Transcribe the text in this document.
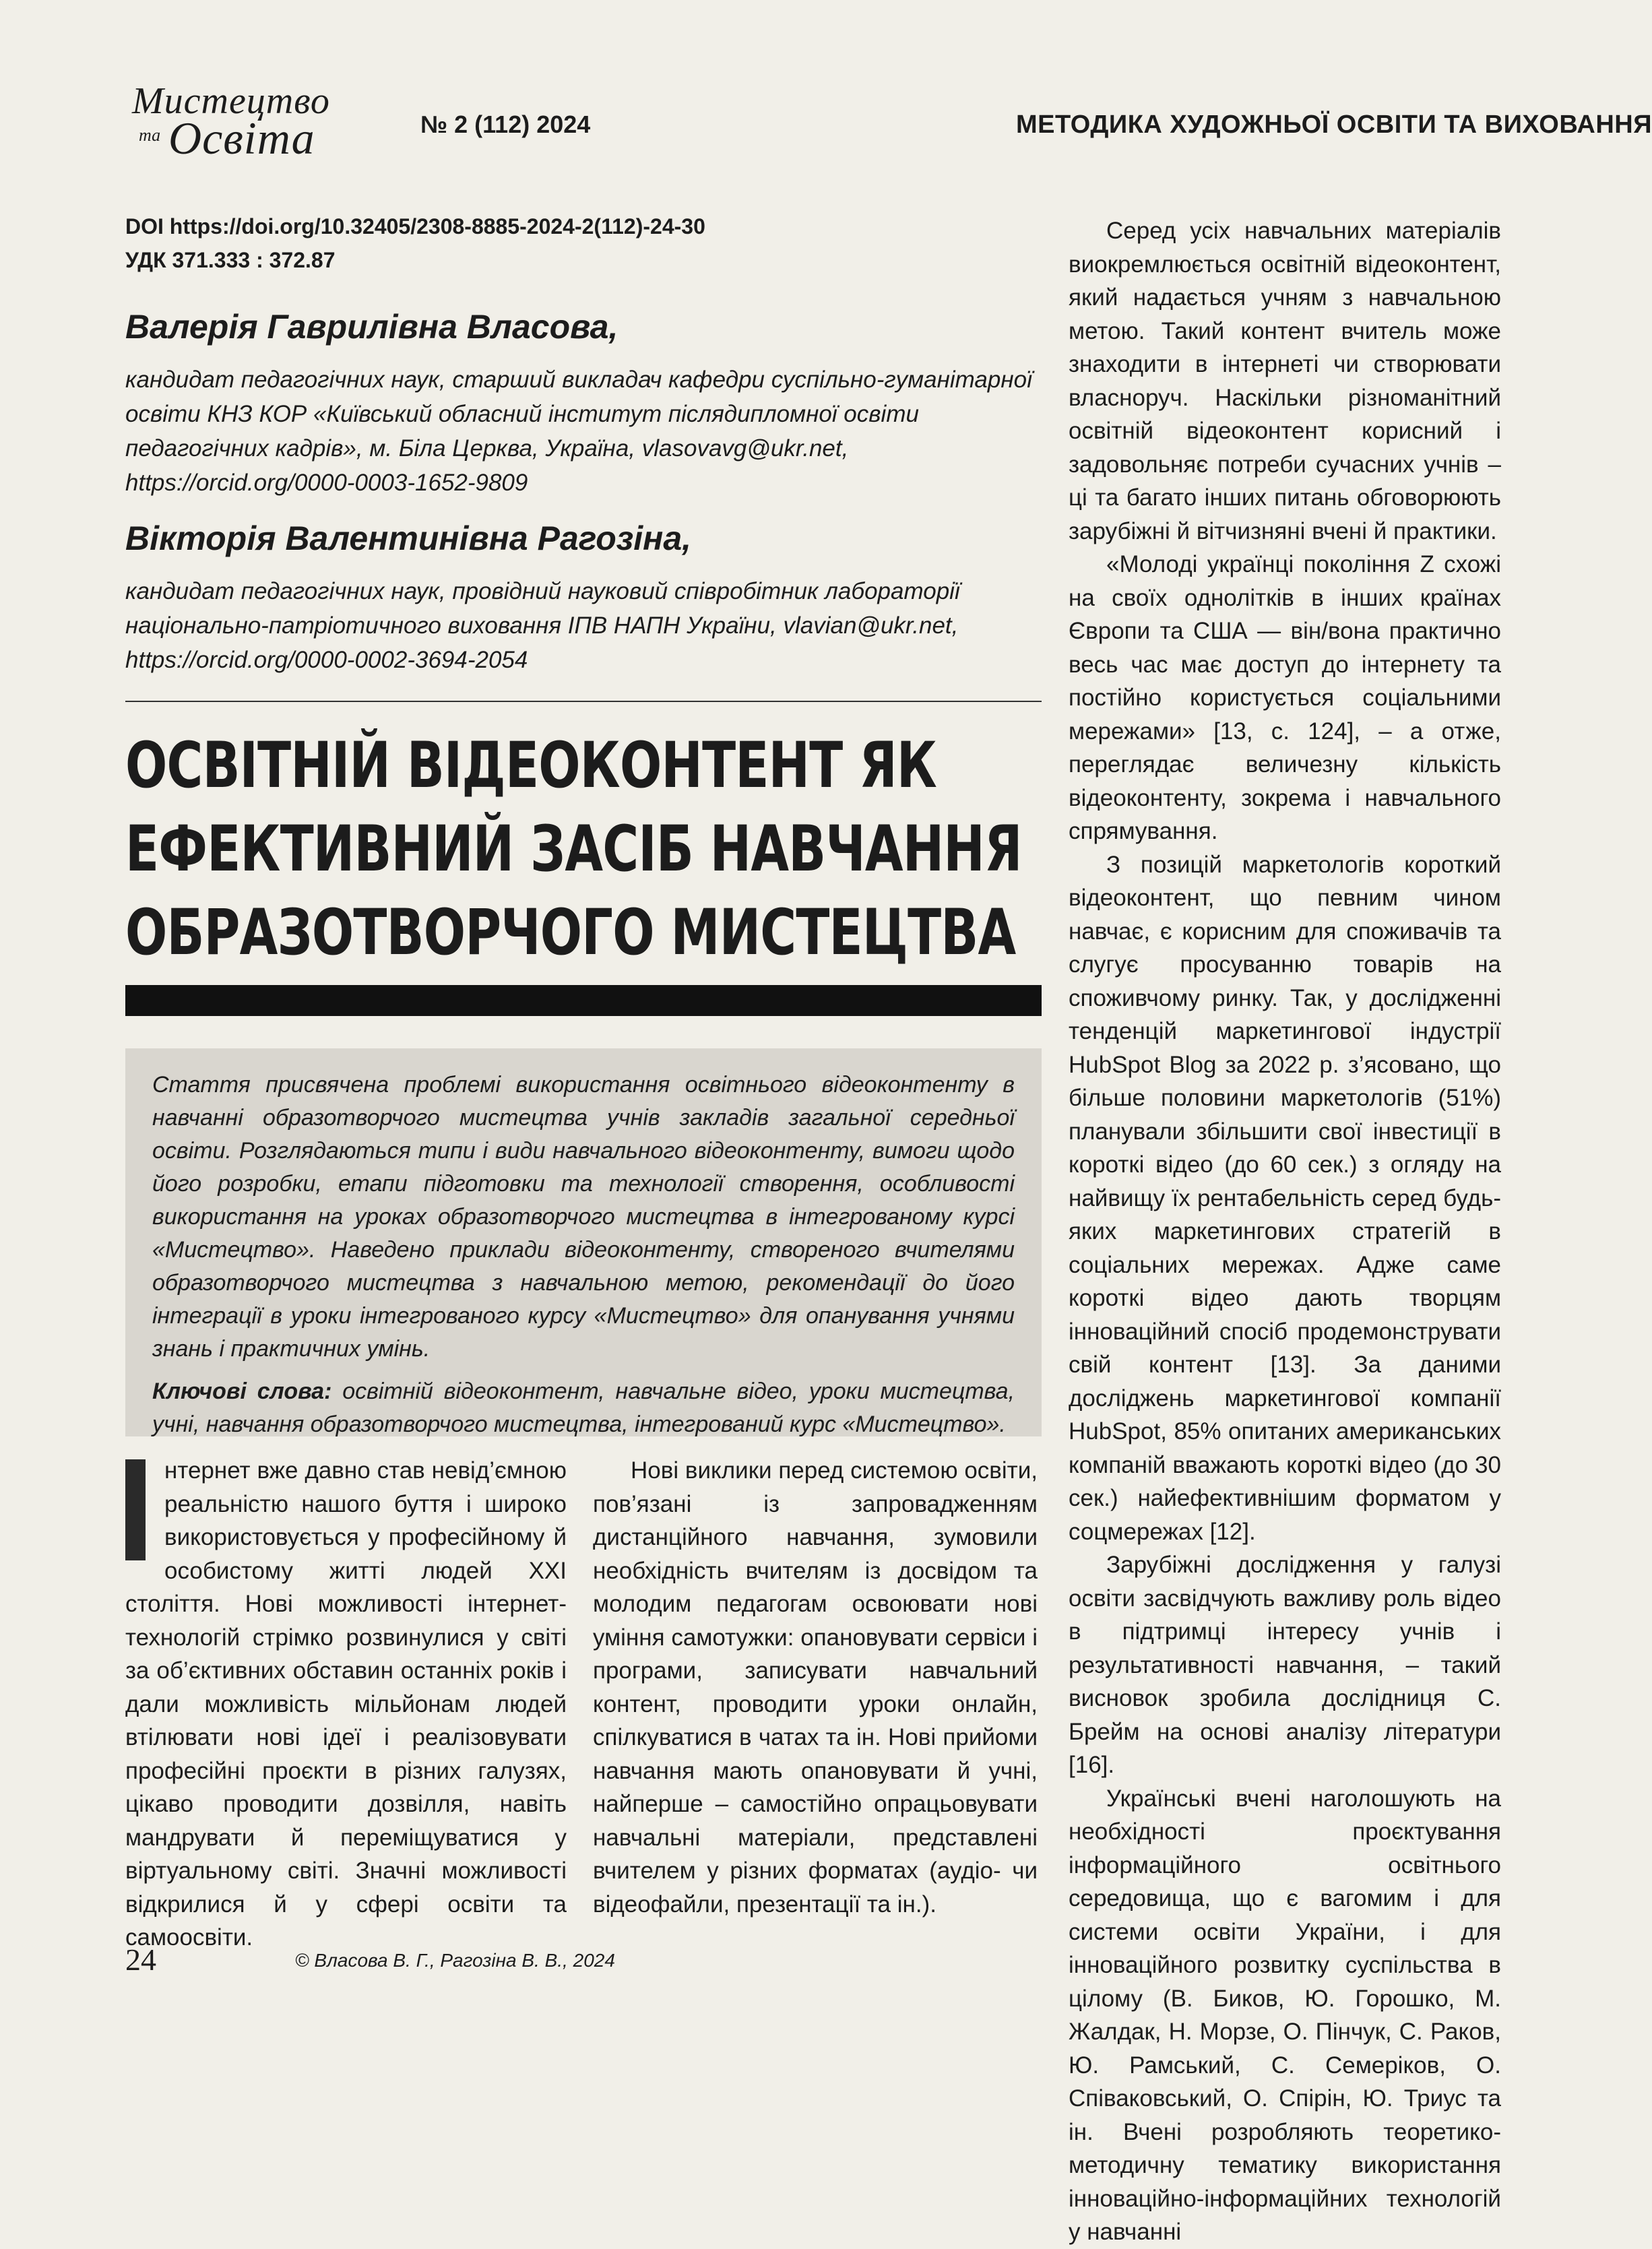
Мистецтво
та Освіта	№ 2 (112) 2024	МЕТОДИКА ХУДОЖНЬОЇ ОСВІТИ ТА ВИХОВАННЯ
DOI https://doi.org/10.32405/2308-8885-2024-2(112)-24-30
УДК 371.333 : 372.87
Валерія Гаврилівна Власова,
кандидат педагогічних наук, старший викладач кафедри суспільно-гуманітарної освіти КНЗ КОР «Київський обласний інститут післядипломної освіти педагогічних кадрів», м. Біла Церква, Україна, vlasovavg@ukr.net, https://orcid.org/0000-0003-1652-9809
Вікторія Валентинівна Рагозіна,
кандидат педагогічних наук, провідний науковий співробітник лабораторії національно-патріотичного виховання ІПВ НАПН України, vlavian@ukr.net, https://orcid.org/0000-0002-3694-2054
ОСВІТНІЙ ВІДЕОКОНТЕНТ ЯК
ЕФЕКТИВНИЙ ЗАСІБ НАВЧАННЯ
ОБРАЗОТВОРЧОГО МИСТЕЦТВА
Стаття присвячена проблемі використання освітнього відеоконтенту в навчанні образотворчого мистецтва учнів закладів загальної середньої освіти. Розглядаються типи і види навчального відеоконтенту, вимоги щодо його розробки, етапи підготовки та технології створення, особливості використання на уроках образотворчого мистецтва в інтегрованому курсі «Мистецтво». Наведено приклади відеоконтенту, створеного вчителями образотворчого мистецтва з навчальною метою, рекомендації до його інтеграції в уроки інтегрованого курсу «Мистецтво» для опанування учнями знань і практичних умінь.
Ключові слова: освітній відеоконтент, навчальне відео, уроки мистецтва, учні, навчання образотворчого мистецтва, інтегрований курс «Мистецтво».

нтернет вже давно став невід’ємною реальністю нашого буття і широко використовується у професійному й особистому житті людей XXI століття. Нові можливості інтернет-технологій стрімко розвинулися у світі за об’єктивних обставин останніх років і дали можливість мільйонам людей втілювати нові ідеї і реалізовувати професійні проєкти в різних галузях, цікаво проводити дозвілля, навіть мандрувати й переміщуватися у віртуальному світі. Значні можливості відкрилися й у сфері освіти та самоосвіти.

Нові виклики перед системою освіти, пов’язані із запровадженням дистанційного навчання, зумовили необхідність вчителям із досвідом та молодим педагогам освоювати нові уміння самотужки: опановувати сервіси і програми, записувати навчальний контент, проводити уроки онлайн, спілкуватися в чатах та ін. Нові прийоми навчання мають опановувати й учні, найперше – самостійно опрацьовувати навчальні матеріали, представлені вчителем у різних форматах (аудіо- чи відеофайли, презентації та ін.).

Серед усіх навчальних матеріалів виокремлюється освітній відеоконтент, який надається учням з навчальною метою. Такий контент вчитель може знаходити в інтернеті чи створювати власноруч. Наскільки різноманітний освітній відеоконтент корисний і задовольняє потреби сучасних учнів – ці та багато інших питань обговорюють зарубіжні й вітчизняні вчені й практики.

«Молоді українці покоління Z схожі на своїх однолітків в інших країнах Європи та США — він/вона практично весь час має доступ до інтернету та постійно користується соціальними мережами» [13, с. 124], – а отже, переглядає величезну кількість відеоконтенту, зокрема і навчального спрямування.

З позицій маркетологів короткий відеоконтент, що певним чином навчає, є корисним для споживачів та слугує просуванню товарів на споживчому ринку. Так, у дослідженні тенденцій маркетингової індустрії HubSpot Blog за 2022 р. з’ясовано, що більше половини маркетологів (51%) планували збільшити свої інвестиції в короткі відео (до 60 сек.) з огляду на найвищу їх рентабельність серед будь-яких маркетингових стратегій в соціальних мережах. Адже саме короткі відео дають творцям інноваційний спосіб продемонструвати свій контент [13]. За даними досліджень маркетингової компанії HubSpot, 85% опитаних американських компаній вважають короткі відео (до 30 сек.) найефективнішим форматом у соцмережах [12].

Зарубіжні дослідження у галузі освіти засвідчують важливу роль відео в підтримці інтересу учнів і результативності навчання, – такий висновок зробила дослідниця С. Брейм на основі аналізу літератури [16].

Українські вчені наголошують на необхідності проєктування інформаційного освітнього середовища, що є вагомим і для системи освіти України, і для інноваційного розвитку суспільства в цілому (В. Биков, Ю. Горошко, М. Жалдак, Н. Морзе, О. Пінчук, С. Раков, Ю. Рамський, С. Семеріков, О. Співаковський, О. Спірін, Ю. Триус та ін. Вчені розробляють теоретико-методичну тематику використання інноваційно-інформаційних технологій у навчанні

24	© Власова В. Г., Рагозіна В. В., 2024
